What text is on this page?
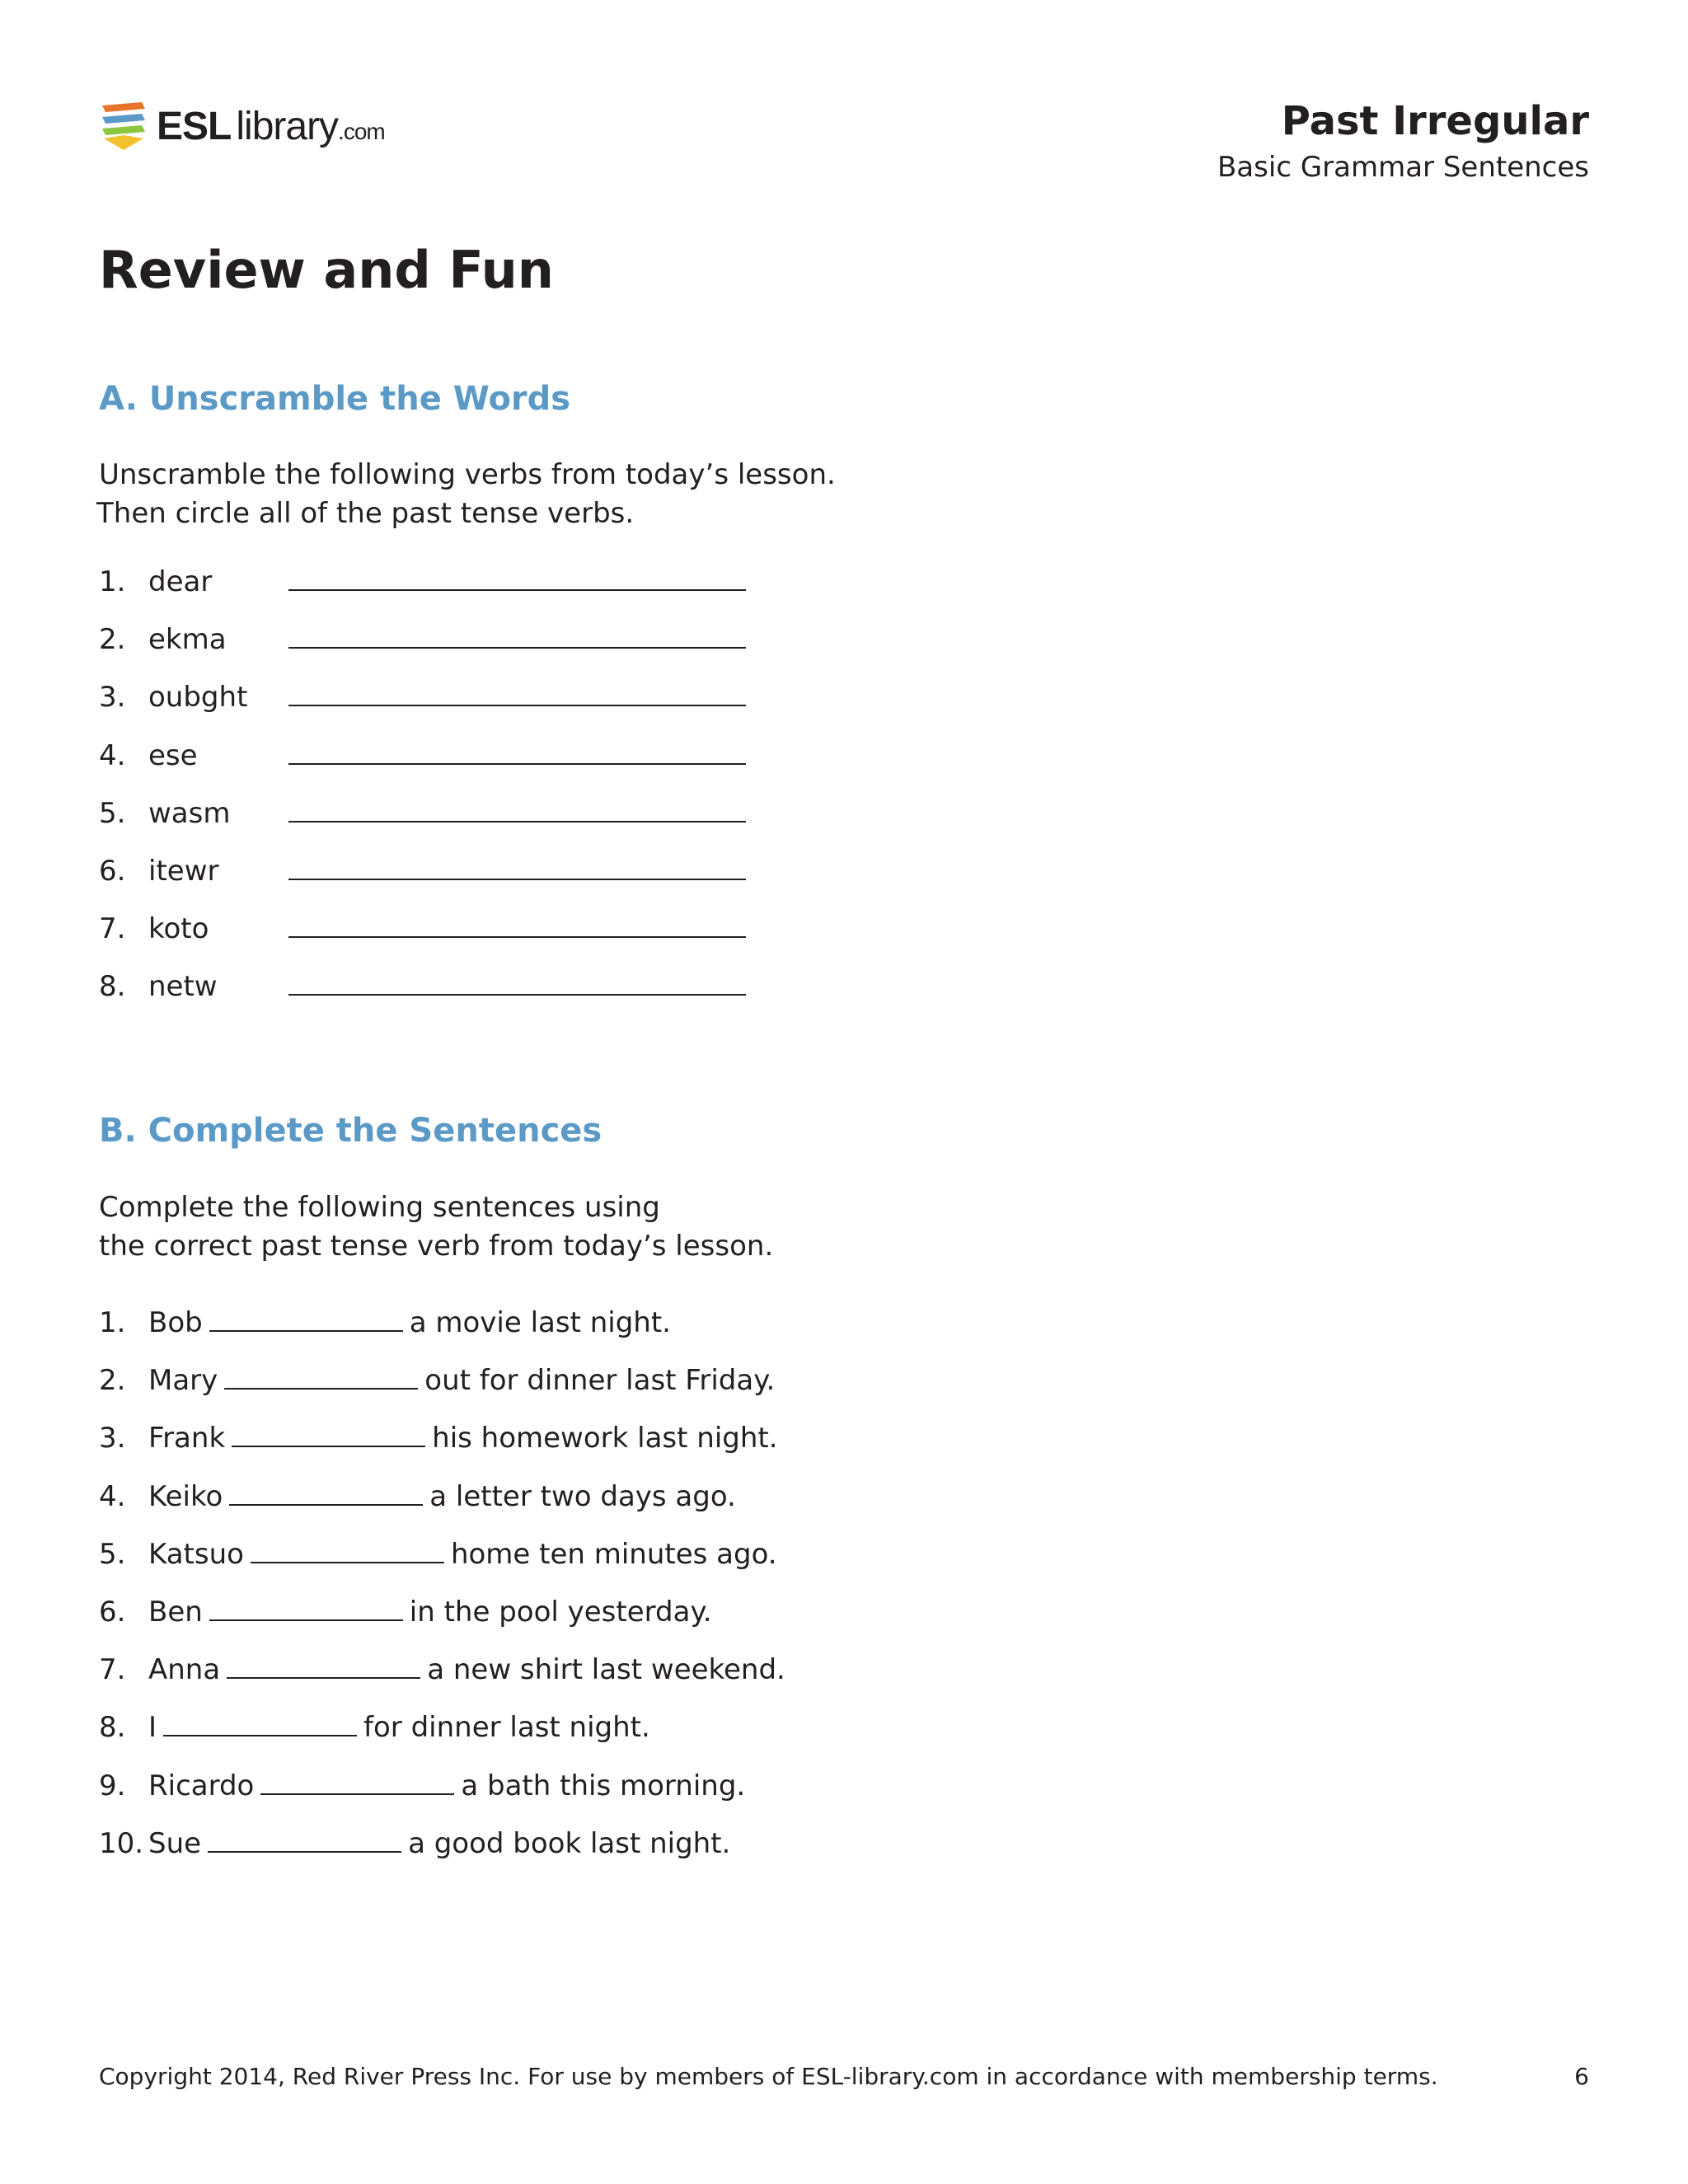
ESL library .com	Past Irregular
Basic Grammar Sentences
Review and Fun
A. Unscramble the Words
Unscramble the following verbs from today’s lesson.
Then circle all of the past tense verbs.
1. dear
2. ekma
3. oubght
4. ese
5. wasm
6. itewr
7. koto
8. netw
B. Complete the Sentences
Complete the following sentences using
the correct past tense verb from today’s lesson.
1. Bob	a movie last night.
2. Mary	out for dinner last Friday.
3. Frank	his homework last night.
4. Keiko	a letter two days ago.
5. Katsuo	home ten minutes ago.
6. Ben	in the pool yesterday.
7. Anna	a new shirt last weekend.
8. I	for dinner last night.
9. Ricardo	a bath this morning.
10. Sue	a good book last night.
Copyright 2014, Red River Press Inc. For use by members of ESL-library.com in accordance with membership terms.	6
